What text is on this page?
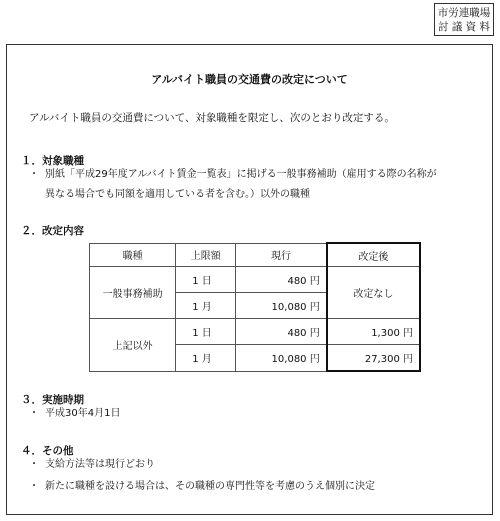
市労連職場
討 議 資 料
アルバイト職員の交通費の改定について
アルバイト職員の交通費について、対象職種を限定し、次のとおり改定する。
１．対象職種
・ 別紙「平成29年度アルバイト賃金一覧表」に掲げる一般事務補助（雇用する際の名称が
異なる場合でも同額を適用している者を含む。）以外の職種
２．改定内容
職種	上限額	現行	改定後
一般事務補助	1 日	480 円	改定なし
	1 月	10,080 円	
上記以外	1 日	480 円	1,300 円
	1 月	10,080 円	27,300 円
３．実施時期
・ 平成30年4月1日
４．その他
・ 支給方法等は現行どおり
・ 新たに職種を設ける場合は、その職種の専門性等を考慮のうえ個別に決定
